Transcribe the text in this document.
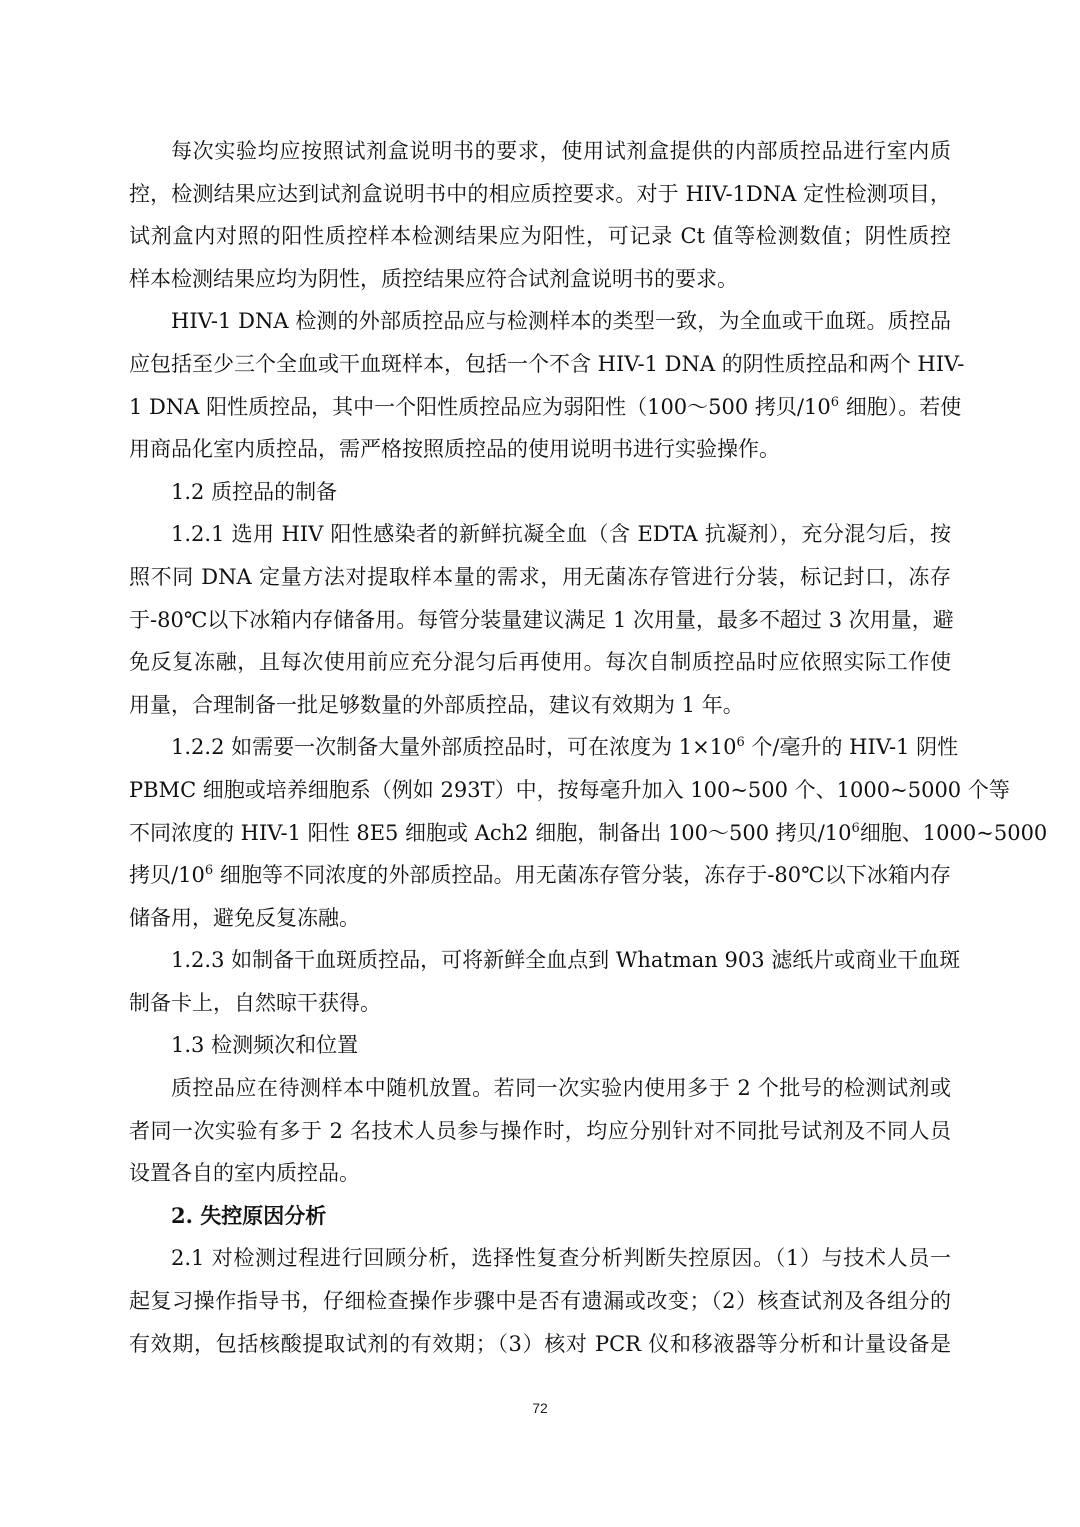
每次实验均应按照试剂盒说明书的要求，使用试剂盒提供的内部质控品进行室内质
控，检测结果应达到试剂盒说明书中的相应质控要求。对于 HIV-1DNA 定性检测项目，
试剂盒内对照的阳性质控样本检测结果应为阳性，可记录 Ct 值等检测数值；阴性质控
样本检测结果应均为阴性，质控结果应符合试剂盒说明书的要求。
HIV-1 DNA 检测的外部质控品应与检测样本的类型一致，为全血或干血斑。质控品
应包括至少三个全血或干血斑样本，包括一个不含 HIV-1 DNA 的阴性质控品和两个 HIV-
1 DNA 阳性质控品，其中一个阳性质控品应为弱阳性（100～500 拷贝$/10^6$ 细胞）。若使
用商品化室内质控品，需严格按照质控品的使用说明书进行实验操作。
1.2 质控品的制备
1.2.1 选用 HIV 阳性感染者的新鲜抗凝全血（含 EDTA 抗凝剂），充分混匀后，按
照不同 DNA 定量方法对提取样本量的需求，用无菌冻存管进行分装，标记封口，冻存
于-80℃以下冰箱内存储备用。每管分装量建议满足 1 次用量，最多不超过 3 次用量，避
免反复冻融，且每次使用前应充分混匀后再使用。每次自制质控品时应依照实际工作使
用量，合理制备一批足够数量的外部质控品，建议有效期为 1 年。
1.2.2 如需要一次制备大量外部质控品时，可在浓度为 $1\times 10^6$ 个/毫升的 HIV-1 阴性
PBMC 细胞或培养细胞系（例如 293T）中，按每毫升加入 100~500 个、1000~5000 个等
不同浓度的 HIV-1 阳性 8E5 细胞或 Ach2 细胞，制备出 100～500 拷贝$/10^6$细胞、1000~5000
拷贝$/10^6$ 细胞等不同浓度的外部质控品。用无菌冻存管分装，冻存于-80℃以下冰箱内存
储备用，避免反复冻融。
1.2.3 如制备干血斑质控品，可将新鲜全血点到 Whatman 903 滤纸片或商业干血斑
制备卡上，自然晾干获得。
1.3 检测频次和位置
质控品应在待测样本中随机放置。若同一次实验内使用多于 2 个批号的检测试剂或
者同一次实验有多于 2 名技术人员参与操作时，均应分别针对不同批号试剂及不同人员
设置各自的室内质控品。
2. 失控原因分析
2.1 对检测过程进行回顾分析，选择性复查分析判断失控原因。（1）与技术人员一
起复习操作指导书，仔细检查操作步骤中是否有遗漏或改变；（2）核查试剂及各组分的
有效期，包括核酸提取试剂的有效期；（3）核对 PCR 仪和移液器等分析和计量设备是
72
